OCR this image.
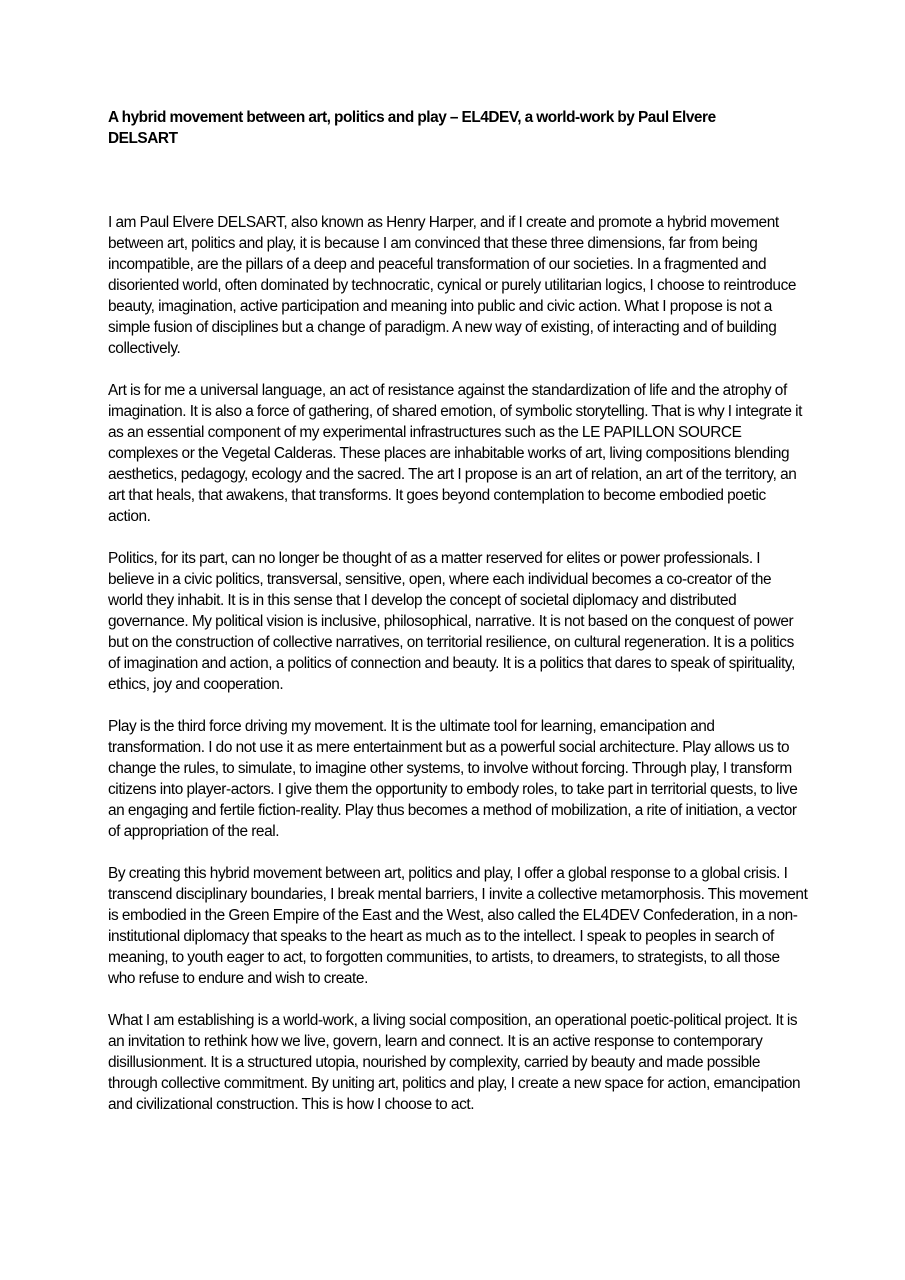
A hybrid movement between art, politics and play – EL4DEV, a world-work by Paul Elvere DELSART

I am Paul Elvere DELSART, also known as Henry Harper, and if I create and promote a hybrid movement between art, politics and play, it is because I am convinced that these three dimensions, far from being incompatible, are the pillars of a deep and peaceful transformation of our societies. In a fragmented and disoriented world, often dominated by technocratic, cynical or purely utilitarian logics, I choose to reintroduce beauty, imagination, active participation and meaning into public and civic action. What I propose is not a simple fusion of disciplines but a change of paradigm. A new way of existing, of interacting and of building collectively.

Art is for me a universal language, an act of resistance against the standardization of life and the atrophy of imagination. It is also a force of gathering, of shared emotion, of symbolic storytelling. That is why I integrate it as an essential component of my experimental infrastructures such as the LE PAPILLON SOURCE complexes or the Vegetal Calderas. These places are inhabitable works of art, living compositions blending aesthetics, pedagogy, ecology and the sacred. The art I propose is an art of relation, an art of the territory, an art that heals, that awakens, that transforms. It goes beyond contemplation to become embodied poetic action.

Politics, for its part, can no longer be thought of as a matter reserved for elites or power professionals. I believe in a civic politics, transversal, sensitive, open, where each individual becomes a co-creator of the world they inhabit. It is in this sense that I develop the concept of societal diplomacy and distributed governance. My political vision is inclusive, philosophical, narrative. It is not based on the conquest of power but on the construction of collective narratives, on territorial resilience, on cultural regeneration. It is a politics of imagination and action, a politics of connection and beauty. It is a politics that dares to speak of spirituality, ethics, joy and cooperation.

Play is the third force driving my movement. It is the ultimate tool for learning, emancipation and transformation. I do not use it as mere entertainment but as a powerful social architecture. Play allows us to change the rules, to simulate, to imagine other systems, to involve without forcing. Through play, I transform citizens into player-actors. I give them the opportunity to embody roles, to take part in territorial quests, to live an engaging and fertile fiction-reality. Play thus becomes a method of mobilization, a rite of initiation, a vector of appropriation of the real.

By creating this hybrid movement between art, politics and play, I offer a global response to a global crisis. I transcend disciplinary boundaries, I break mental barriers, I invite a collective metamorphosis. This movement is embodied in the Green Empire of the East and the West, also called the EL4DEV Confederation, in a non-institutional diplomacy that speaks to the heart as much as to the intellect. I speak to peoples in search of meaning, to youth eager to act, to forgotten communities, to artists, to dreamers, to strategists, to all those who refuse to endure and wish to create.

What I am establishing is a world-work, a living social composition, an operational poetic-political project. It is an invitation to rethink how we live, govern, learn and connect. It is an active response to contemporary disillusionment. It is a structured utopia, nourished by complexity, carried by beauty and made possible through collective commitment. By uniting art, politics and play, I create a new space for action, emancipation and civilizational construction. This is how I choose to act.
